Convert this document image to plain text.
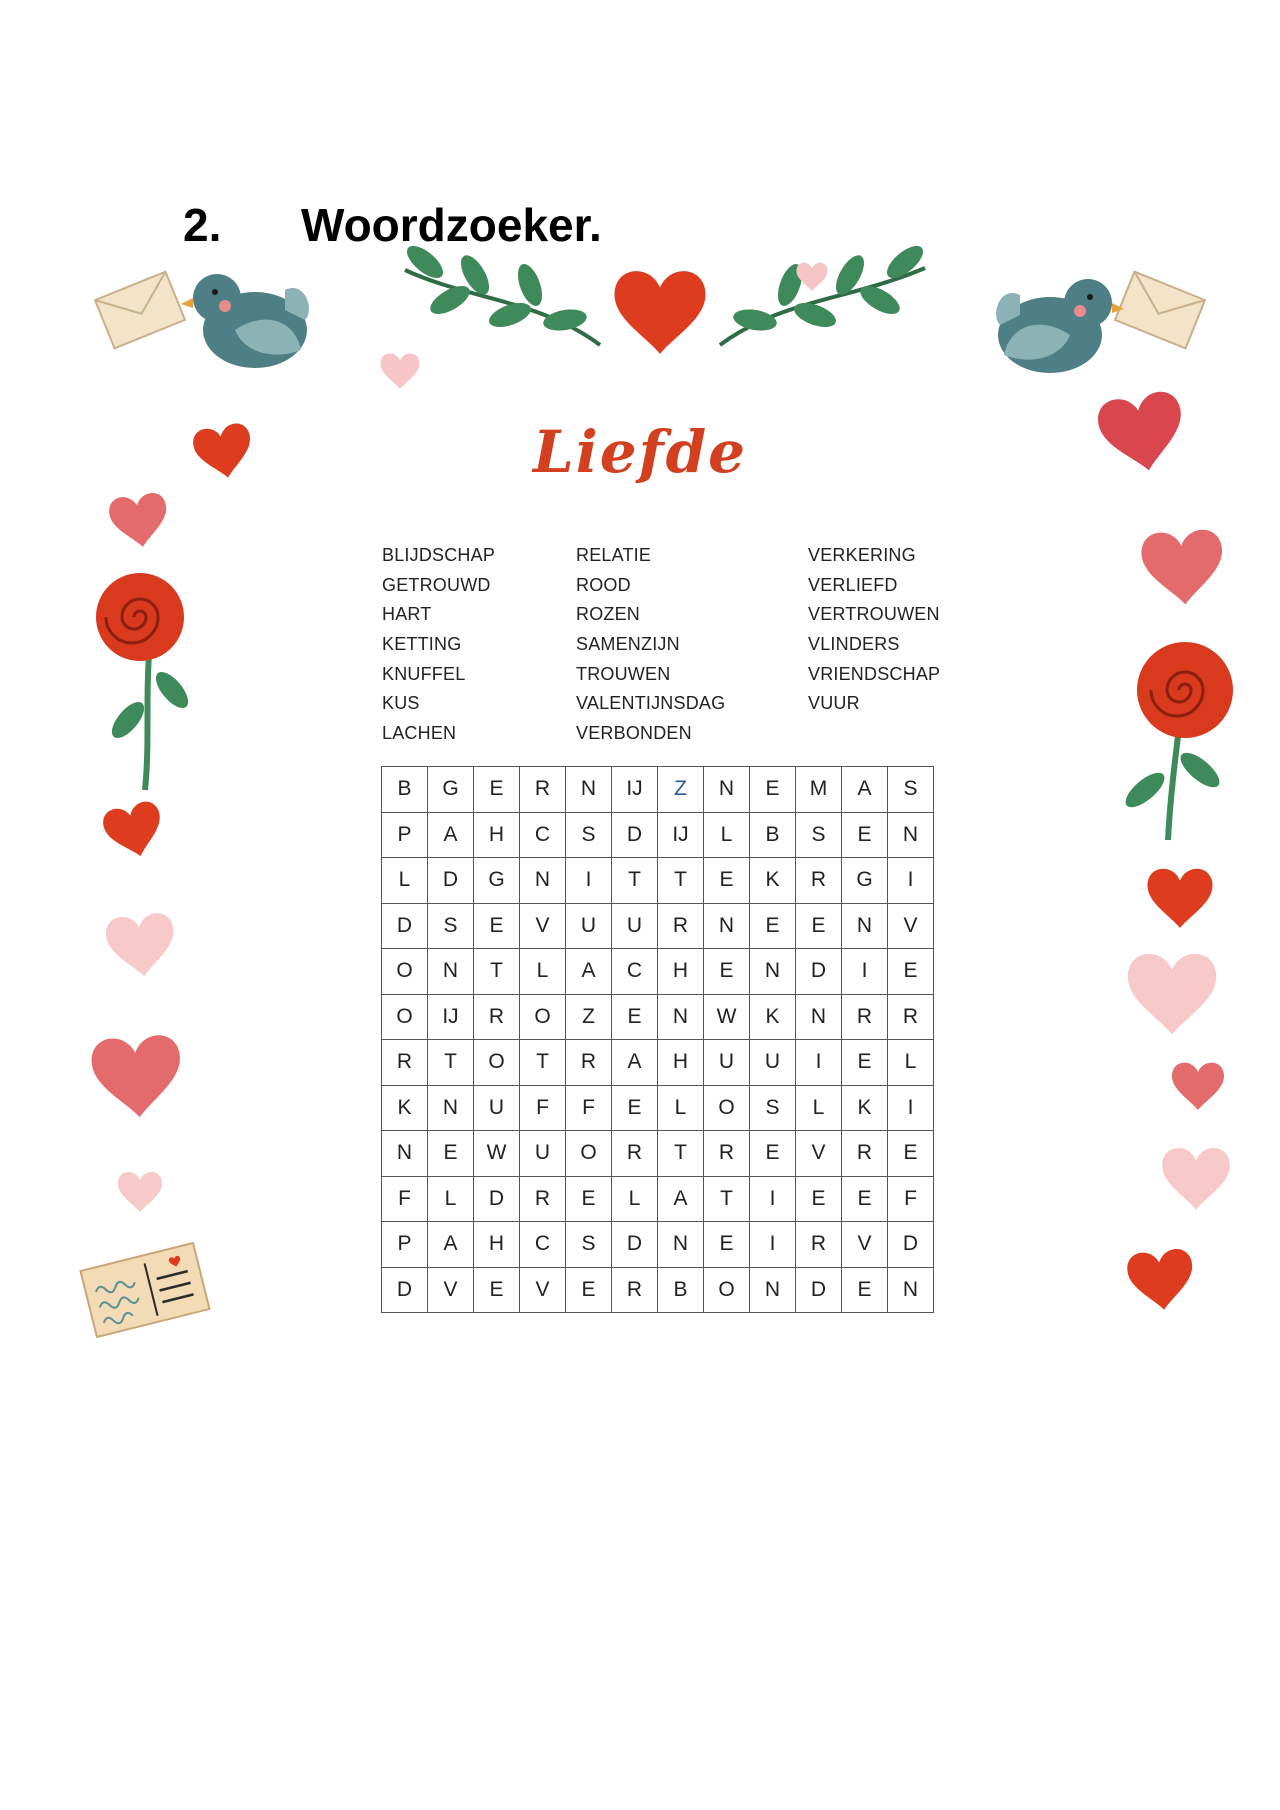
2. Woordzoeker.
Liefde
BLIJDSCHAP
GETROUWD
HART
KETTING
KNUFFEL
KUS
LACHEN
RELATIE
ROOD
ROZEN
SAMENZIJN
TROUWEN
VALENTIJNSDAG
VERBONDEN
VERKERING
VERLIEFD
VERTROUWEN
VLINDERS
VRIENDSCHAP
VUUR
B	G	E	R	N	IJ	Z	N	E	M	A	S
P	A	H	C	S	D	IJ	L	B	S	E	N
L	D	G	N	I	T	T	E	K	R	G	I
D	S	E	V	U	U	R	N	E	E	N	V
O	N	T	L	A	C	H	E	N	D	I	E
O	IJ	R	O	Z	E	N	W	K	N	R	R
R	T	O	T	R	A	H	U	U	I	E	L
K	N	U	F	F	E	L	O	S	L	K	I
N	E	W	U	O	R	T	R	E	V	R	E
F	L	D	R	E	L	A	T	I	E	E	F
P	A	H	C	S	D	N	E	I	R	V	D
D	V	E	V	E	R	B	O	N	D	E	N
